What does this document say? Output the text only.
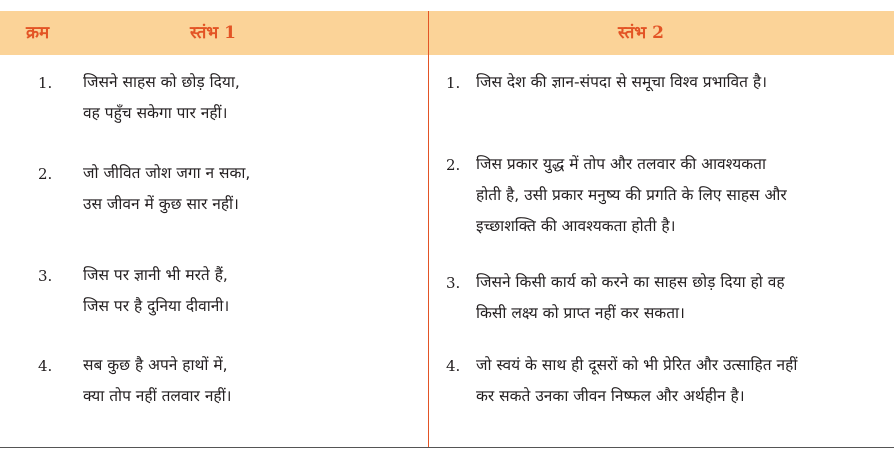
क्रम	स्तंभ 1	स्तंभ 2
1. जिसने साहस को छोड़ दिया,
वह पहुँच सकेगा पार नहीं।
2. जो जीवित जोश जगा न सका,
उस जीवन में कुछ सार नहीं।
3. जिस पर ज्ञानी भी मरते हैं,
जिस पर है दुनिया दीवानी।
4. सब कुछ है अपने हाथों में,
क्या तोप नहीं तलवार नहीं।
1. जिस देश की ज्ञान-संपदा से समूचा विश्व प्रभावित है।
2. जिस प्रकार युद्ध में तोप और तलवार की आवश्यकता
होती है, उसी प्रकार मनुष्य की प्रगति के लिए साहस और
इच्छाशक्ति की आवश्यकता होती है।
3. जिसने किसी कार्य को करने का साहस छोड़ दिया हो वह
किसी लक्ष्य को प्राप्त नहीं कर सकता।
4. जो स्वयं के साथ ही दूसरों को भी प्रेरित और उत्साहित नहीं
कर सकते उनका जीवन निष्फल और अर्थहीन है।
